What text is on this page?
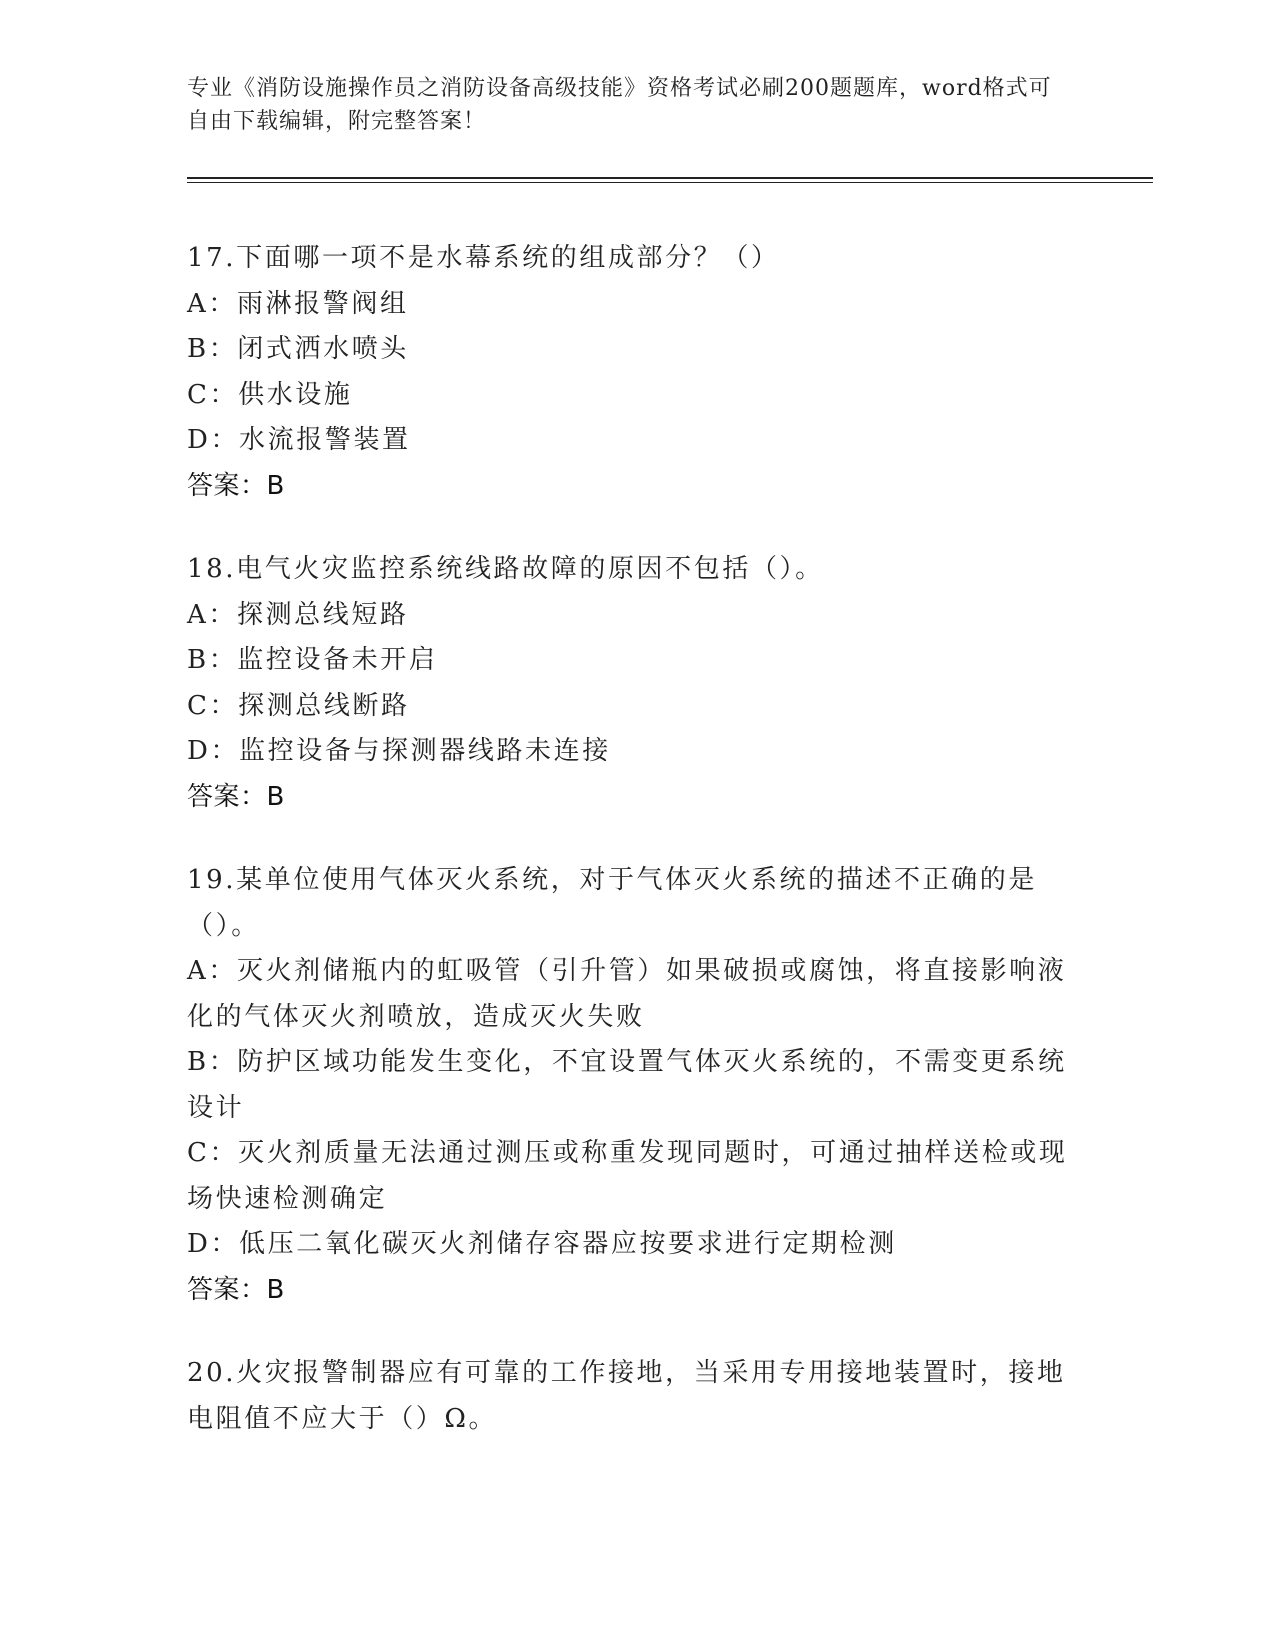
专业《消防设施操作员之消防设备高级技能》资格考试必刷200题题库，word格式可自由下载编辑，附完整答案！
17.下面哪一项不是水幕系统的组成部分？（）
A：雨淋报警阀组
B：闭式洒水喷头
C：供水设施
D：水流报警装置
答案：B
18.电气火灾监控系统线路故障的原因不包括（）。
A：探测总线短路
B：监控设备未开启
C：探测总线断路
D：监控设备与探测器线路未连接
答案：B
19.某单位使用气体灭火系统，对于气体灭火系统的描述不正确的是（）。
A：灭火剂储瓶内的虹吸管（引升管）如果破损或腐蚀，将直接影响液化的气体灭火剂喷放，造成灭火失败
B：防护区域功能发生变化，不宜设置气体灭火系统的，不需变更系统设计
C：灭火剂质量无法通过测压或称重发现同题时，可通过抽样送检或现场快速检测确定
D：低压二氧化碳灭火剂储存容器应按要求进行定期检测
答案：B
20.火灾报警制器应有可靠的工作接地，当采用专用接地装置时，接地电阻值不应大于（）Ω。
